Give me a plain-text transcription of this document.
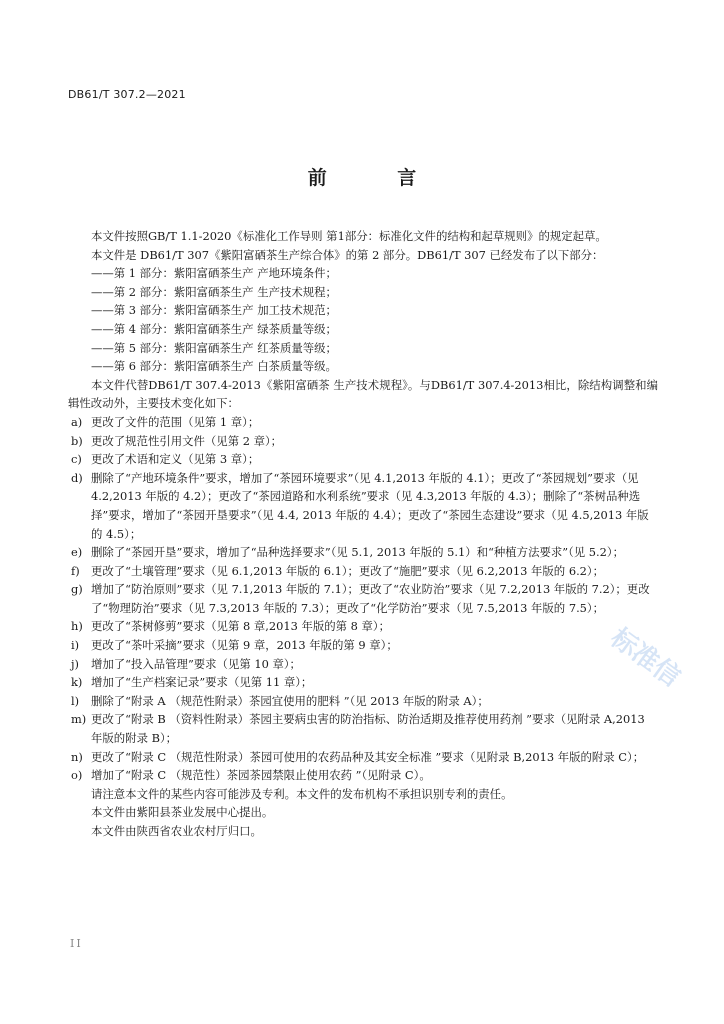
DB61/T 307.2—2021
前 言

本文件按照GB/T 1.1-2020《标准化工作导则 第1部分：标准化文件的结构和起草规则》的规定起草。

本文件是 DB61/T 307《紫阳富硒茶生产综合体》的第 2 部分。DB61/T 307 已经发布了以下部分：

——第 1 部分：紫阳富硒茶生产 产地环境条件；

——第 2 部分：紫阳富硒茶生产 生产技术规程；

——第 3 部分：紫阳富硒茶生产 加工技术规范；

——第 4 部分：紫阳富硒茶生产 绿茶质量等级；

——第 5 部分：紫阳富硒茶生产 红茶质量等级；

——第 6 部分：紫阳富硒茶生产 白茶质量等级。

本文件代替DB61/T 307.4-2013《紫阳富硒茶 生产技术规程》。与DB61/T 307.4-2013相比，除结构调整和编辑性改动外，主要技术变化如下：

a) 更改了文件的范围（见第 1 章）；
b) 更改了规范性引用文件（见第 2 章）；
c) 更改了术语和定义（见第 3 章）；
d) 删除了“产地环境条件”要求，增加了“茶园环境要求”（见 4.1,2013 年版的 4.1）；更改了“茶园规划”要求（见 4.2,2013 年版的 4.2）；更改了“茶园道路和水利系统”要求（见 4.3,2013 年版的 4.3）；删除了“茶树品种选择”要求，增加了“茶园开垦要求”（见 4.4, 2013 年版的 4.4）；更改了“茶园生态建设”要求（见 4.5,2013 年版的 4.5）；
e) 删除了“茶园开垦”要求，增加了“品种选择要求”（见 5.1, 2013 年版的 5.1）和“种植方法要求”（见 5.2）；
f) 更改了“土壤管理”要求（见 6.1,2013 年版的 6.1）；更改了“施肥”要求（见 6.2,2013 年版的 6.2）；
g) 增加了“防治原则”要求（见 7.1,2013 年版的 7.1）；更改了“农业防治”要求（见 7.2,2013 年版的 7.2）；更改了“物理防治”要求（见 7.3,2013 年版的 7.3）；更改了“化学防治”要求（见 7.5,2013 年版的 7.5）；
h) 更改了“茶树修剪”要求（见第 8 章,2013 年版的第 8 章）；
i)	更改了“茶叶采摘”要求（见第 9 章，2013 年版的第 9 章）；
j)	增加了“投入品管理”要求（见第 10 章）；
k) 增加了“生产档案记录”要求（见第 11 章）；
l)	删除了“附录 A （规范性附录）茶园宜使用的肥料 ”（见 2013 年版的附录 A）；
m) 更改了“附录 B （资料性附录）茶园主要病虫害的防治指标、防治适期及推荐使用药剂 ”要求（见附录 A,2013 年版的附录 B）；
n) 更改了“附录 C （规范性附录）茶园可使用的农药品种及其安全标准 ”要求（见附录 B,2013 年版的附录 C）；
o) 增加了“附录 C （规范性）茶园茶园禁限止使用农药 ”（见附录 C）。

请注意本文件的某些内容可能涉及专利。本文件的发布机构不承担识别专利的责任。

本文件由紫阳县茶业发展中心提出。

本文件由陕西省农业农村厅归口。

标准信
II
